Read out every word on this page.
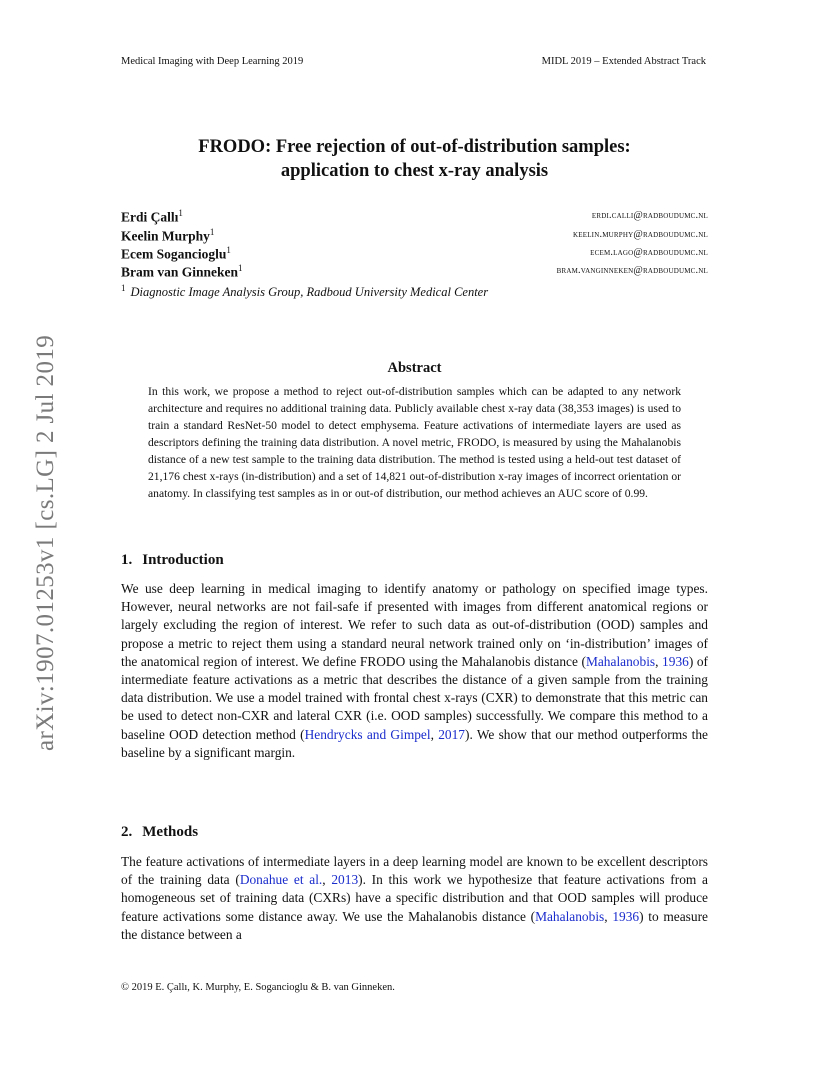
Medical Imaging with Deep Learning 2019	MIDL 2019 – Extended Abstract Track
arXiv:1907.01253v1 [cs.LG] 2 Jul 2019
FRODO: Free rejection of out-of-distribution samples:
application to chest x-ray analysis
Erdi Çallı$^1$	erdi.calli@radboudumc.nl
Keelin Murphy$^1$	keelin.murphy@radboudumc.nl
Ecem Sogancioglu$^1$	ecem.lago@radboudumc.nl
Bram van Ginneken$^1$	bram.vanginneken@radboudumc.nl
$^1$ Diagnostic Image Analysis Group, Radboud University Medical Center
Abstract
In this work, we propose a method to reject out-of-distribution samples which can be adapted to any network architecture and requires no additional training data. Publicly available chest x-ray data (38,353 images) is used to train a standard ResNet-50 model to detect emphysema. Feature activations of intermediate layers are used as descriptors defining the training data distribution. A novel metric, FRODO, is measured by using the Mahalanobis distance of a new test sample to the training data distribution. The method is tested using a held-out test dataset of 21,176 chest x-rays (in-distribution) and a set of 14,821 out-of-distribution x-ray images of incorrect orientation or anatomy. In classifying test samples as in or out-of distribution, our method achieves an AUC score of 0.99.
1. Introduction
We use deep learning in medical imaging to identify anatomy or pathology on specified image types. However, neural networks are not fail-safe if presented with images from different anatomical regions or largely excluding the region of interest. We refer to such data as out-of-distribution (OOD) samples and propose a metric to reject them using a standard neural network trained only on ‘in-distribution’ images of the anatomical region of interest. We define FRODO using the Mahalanobis distance (Mahalanobis, 1936) of intermediate feature activations as a metric that describes the distance of a given sample from the training data distribution. We use a model trained with frontal chest x-rays (CXR) to demonstrate that this metric can be used to detect non-CXR and lateral CXR (i.e. OOD samples) successfully. We compare this method to a baseline OOD detection method (Hendrycks and Gimpel, 2017). We show that our method outperforms the baseline by a significant margin.
2. Methods
The feature activations of intermediate layers in a deep learning model are known to be excellent descriptors of the training data (Donahue et al., 2013). In this work we hypothesize that feature activations from a homogeneous set of training data (CXRs) have a specific distribution and that OOD samples will produce feature activations some distance away. We use the Mahalanobis distance (Mahalanobis, 1936) to measure the distance between a
© 2019 E. Çallı, K. Murphy, E. Sogancioglu & B. van Ginneken.
